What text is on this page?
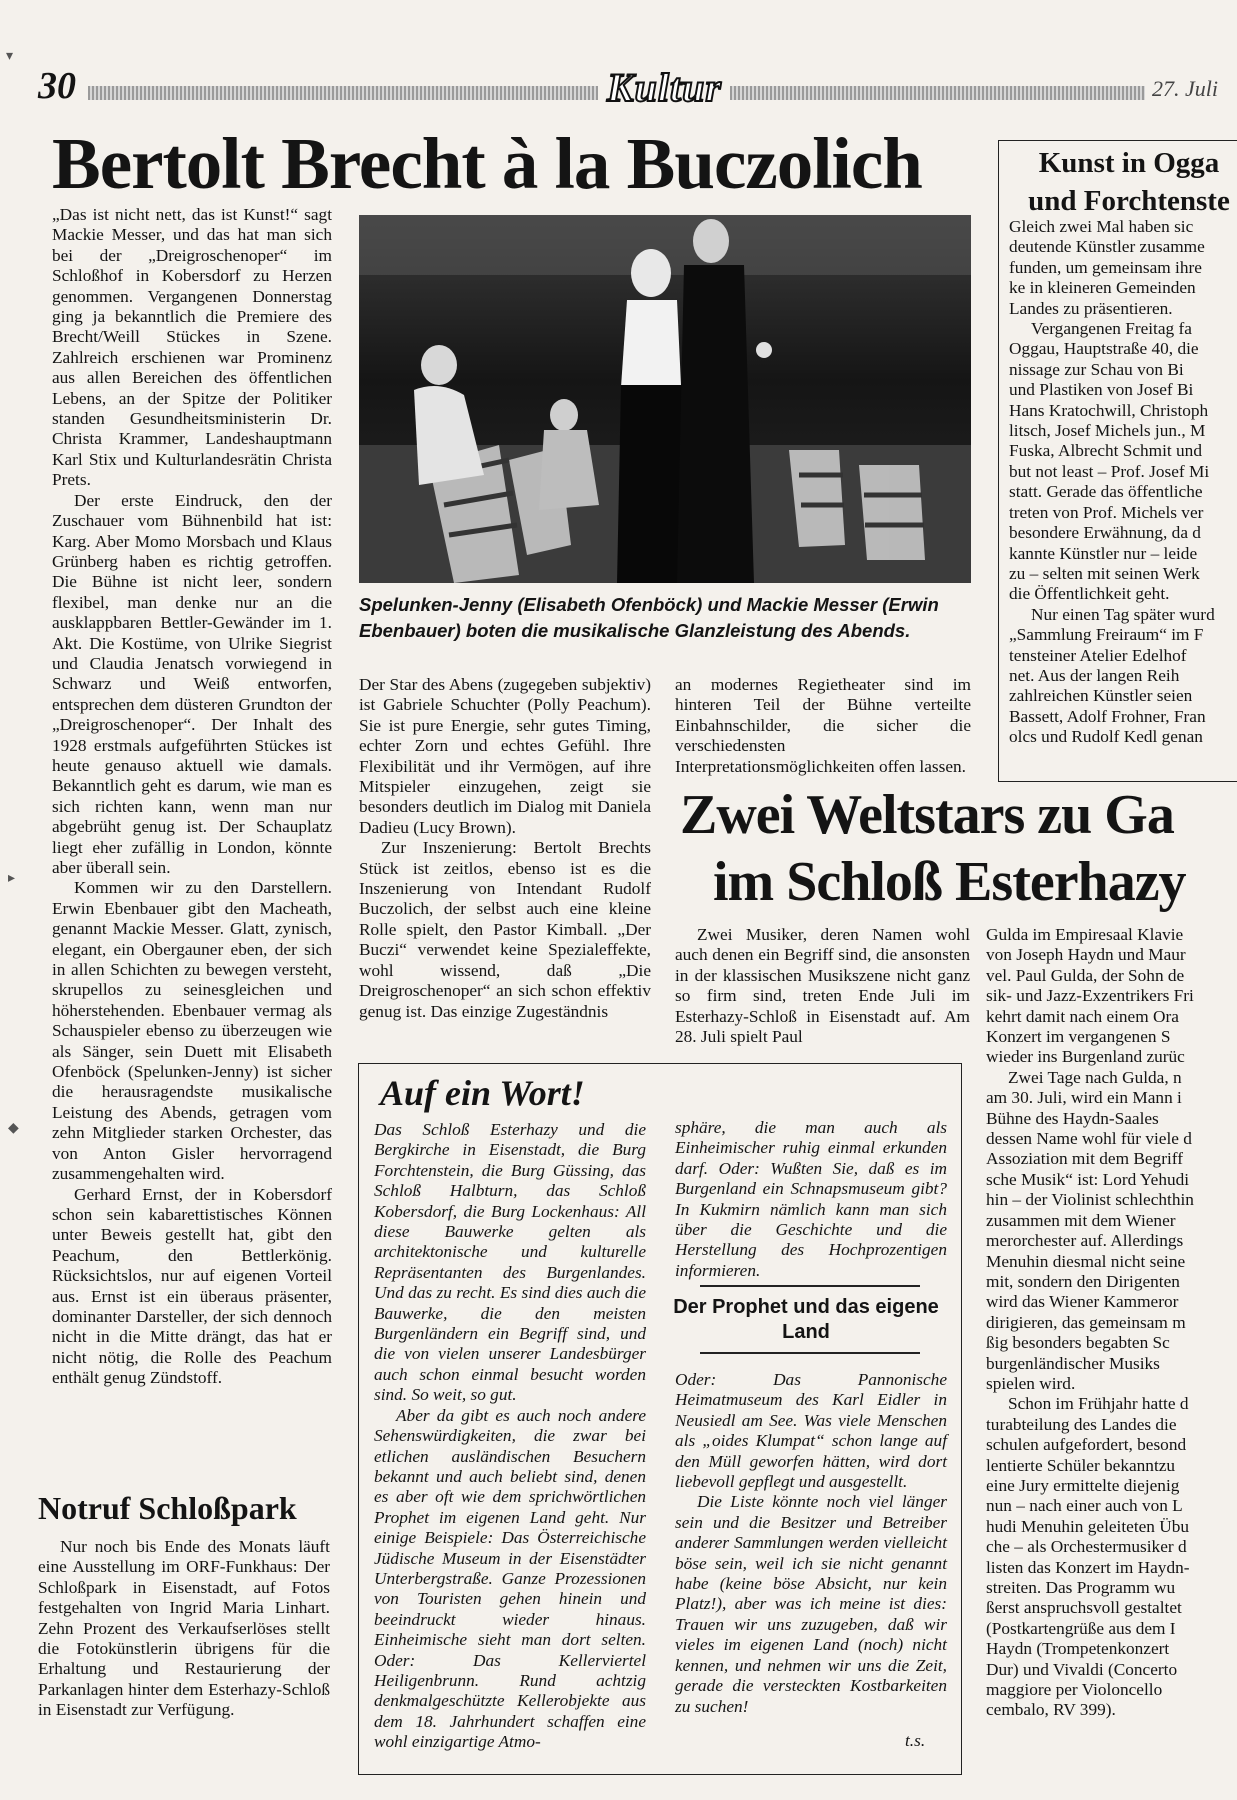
30	Kultur	27. Juli
Bertolt Brecht à la Buczolich

„Das ist nicht nett, das ist Kunst!“ sagt Mackie Messer, und das hat man sich bei der „Dreigroschenoper“ im Schloßhof in Kobersdorf zu Herzen genommen. Vergangenen Donnerstag ging ja bekanntlich die Premiere des Brecht/Weill Stückes in Szene. Zahlreich erschienen war Prominenz aus allen Bereichen des öffentlichen Lebens, an der Spitze der Politiker standen Gesundheitsministerin Dr. Christa Krammer, Landeshauptmann Karl Stix und Kulturlandesrätin Christa Prets.

Der erste Eindruck, den der Zuschauer vom Bühnenbild hat ist: Karg. Aber Momo Morsbach und Klaus Grünberg haben es richtig getroffen. Die Bühne ist nicht leer, sondern flexibel, man denke nur an die ausklappbaren Bettler-Gewänder im 1. Akt. Die Kostüme, von Ulrike Siegrist und Claudia Jenatsch vorwiegend in Schwarz und Weiß entworfen, entsprechen dem düsteren Grundton der „Dreigroschenoper“. Der Inhalt des 1928 erstmals aufgeführten Stückes ist heute genauso aktuell wie damals. Bekanntlich geht es darum, wie man es sich richten kann, wenn man nur abgebrüht genug ist. Der Schauplatz liegt eher zufällig in London, könnte aber überall sein.

Kommen wir zu den Darstellern. Erwin Ebenbauer gibt den Macheath, genannt Mackie Messer. Glatt, zynisch, elegant, ein Obergauner eben, der sich in allen Schichten zu bewegen versteht, skrupellos zu seinesgleichen und höherstehenden. Ebenbauer vermag als Schauspieler ebenso zu überzeugen wie als Sänger, sein Duett mit Elisabeth Ofenböck (Spelunken-Jenny) ist sicher die herausragendste musikalische Leistung des Abends, getragen vom zehn Mitglieder starken Orchester, das von Anton Gisler hervorragend zusammengehalten wird.

Gerhard Ernst, der in Kobersdorf schon sein kabarettistisches Können unter Beweis gestellt hat, gibt den Peachum, den Bettlerkönig. Rücksichtslos, nur auf eigenen Vorteil aus. Ernst ist ein überaus präsenter, dominanter Darsteller, der sich dennoch nicht in die Mitte drängt, das hat er nicht nötig, die Rolle des Peachum enthält genug Zündstoff.

Spelunken-Jenny (Elisabeth Ofenböck) und Mackie Messer (Erwin Ebenbauer) boten die musikalische Glanzleistung des Abends.

Der Star des Abens (zugegeben subjektiv) ist Gabriele Schuchter (Polly Peachum). Sie ist pure Energie, sehr gutes Timing, echter Zorn und echtes Gefühl. Ihre Flexibilität und ihr Vermögen, auf ihre Mitspieler einzugehen, zeigt sie besonders deutlich im Dialog mit Daniela Dadieu (Lucy Brown).

Zur Inszenierung: Bertolt Brechts Stück ist zeitlos, ebenso ist es die Inszenierung von Intendant Rudolf Buczolich, der selbst auch eine kleine Rolle spielt, den Pastor Kimball. „Der Buczi“ verwendet keine Spezialeffekte, wohl wissend, daß „Die Dreigroschenoper“ an sich schon effektiv genug ist. Das einzige Zugeständnis

an modernes Regietheater sind im hinteren Teil der Bühne verteilte Einbahnschilder, die sicher die verschiedensten Interpretationsmöglichkeiten offen lassen.

Notruf Schloßpark

Nur noch bis Ende des Monats läuft eine Ausstellung im ORF-Funkhaus: Der Schloßpark in Eisenstadt, auf Fotos festgehalten von Ingrid Maria Linhart. Zehn Prozent des Verkaufserlöses stellt die Fotokünstlerin übrigens für die Erhaltung und Restaurierung der Parkanlagen hinter dem Esterhazy-Schloß in Eisenstadt zur Verfügung.

Kunst in Ogga
und Forchtenste
Gleich zwei Mal haben sic
deutende Künstler zusamme
funden, um gemeinsam ihre
ke in kleineren Gemeinden
Landes zu präsentieren.
Vergangenen Freitag fa
Oggau, Hauptstraße 40, die
nissage zur Schau von Bi
und Plastiken von Josef Bi
Hans Kratochwill, Christoph
litsch, Josef Michels jun., M
Fuska, Albrecht Schmit und
but not least – Prof. Josef Mi
statt. Gerade das öffentliche
treten von Prof. Michels ver
besondere Erwähnung, da d
kannte Künstler nur – leide
zu – selten mit seinen Werk
die Öffentlichkeit geht.
Nur einen Tag später wurd
„Sammlung Freiraum“ im F
tensteiner Atelier Edelhof
net. Aus der langen Reih
zahlreichen Künstler seien
Bassett, Adolf Frohner, Fran
olcs und Rudolf Kedl genan
Zwei Weltstars zu Ga
im Schloß Esterhazy

Zwei Musiker, deren Namen wohl auch denen ein Begriff sind, die ansonsten in der klassischen Musikszene nicht ganz so firm sind, treten Ende Juli im Esterhazy-Schloß in Eisenstadt auf. Am 28. Juli spielt Paul

Gulda im Empiresaal Klavie
von Joseph Haydn und Maur
vel. Paul Gulda, der Sohn de
sik- und Jazz-Exzentrikers Fri
kehrt damit nach einem Ora
Konzert im vergangenen S
wieder ins Burgenland zurüc
Zwei Tage nach Gulda, n
am 30. Juli, wird ein Mann i
Bühne des Haydn-Saales
dessen Name wohl für viele d
Assoziation mit dem Begriff
sche Musik“ ist: Lord Yehudi
hin – der Violinist schlechthin
zusammen mit dem Wiener
merorchester auf. Allerdings
Menuhin diesmal nicht seine
mit, sondern den Dirigenten
wird das Wiener Kammeror
dirigieren, das gemeinsam m
ßig besonders begabten Sc
burgenländischer Musiks
spielen wird.
Schon im Frühjahr hatte d
turabteilung des Landes die
schulen aufgefordert, besond
lentierte Schüler bekanntzu
eine Jury ermittelte diejenig
nun – nach einer auch von L
hudi Menuhin geleiteten Übu
che – als Orchestermusiker d
listen das Konzert im Haydn-
streiten. Das Programm wu
ßerst anspruchsvoll gestaltet
(Postkartengrüße aus dem I
Haydn (Trompetenkonzert
Dur) und Vivaldi (Concerto
maggiore per Violoncello
cembalo, RV 399).
Auf ein Wort!

Das Schloß Esterhazy und die Bergkirche in Eisenstadt, die Burg Forchtenstein, die Burg Güssing, das Schloß Halbturn, das Schloß Kobersdorf, die Burg Lockenhaus: All diese Bauwerke gelten als architektonische und kulturelle Repräsentanten des Burgenlandes. Und das zu recht. Es sind dies auch die Bauwerke, die den meisten Burgenländern ein Begriff sind, und die von vielen unserer Landesbürger auch schon einmal besucht worden sind. So weit, so gut.

Aber da gibt es auch noch andere Sehenswürdigkeiten, die zwar bei etlichen ausländischen Besuchern bekannt und auch beliebt sind, denen es aber oft wie dem sprichwörtlichen Prophet im eigenen Land geht. Nur einige Beispiele: Das Österreichische Jüdische Museum in der Eisenstädter Unterbergstraße. Ganze Prozessionen von Touristen gehen hinein und beeindruckt wieder hinaus. Einheimische sieht man dort selten. Oder: Das Kellerviertel Heiligenbrunn. Rund achtzig denkmalgeschützte Kellerobjekte aus dem 18. Jahrhundert schaffen eine wohl einzigartige Atmo-

sphäre, die man auch als Einheimischer ruhig einmal erkunden darf. Oder: Wußten Sie, daß es im Burgenland ein Schnapsmuseum gibt? In Kukmirn nämlich kann man sich über die Geschichte und die Herstellung des Hochprozentigen informieren.

Der Prophet und das eigene Land

Oder: Das Pannonische Heimatmuseum des Karl Eidler in Neusiedl am See. Was viele Menschen als „oides Klumpat“ schon lange auf den Müll geworfen hätten, wird dort liebevoll gepflegt und ausgestellt.

Die Liste könnte noch viel länger sein und die Besitzer und Betreiber anderer Sammlungen werden vielleicht böse sein, weil ich sie nicht genannt habe (keine böse Absicht, nur kein Platz!), aber was ich meine ist dies: Trauen wir uns zuzugeben, daß wir vieles im eigenen Land (noch) nicht kennen, und nehmen wir uns die Zeit, gerade die versteckten Kostbarkeiten zu suchen!

t.s.
▾
▸
◆
